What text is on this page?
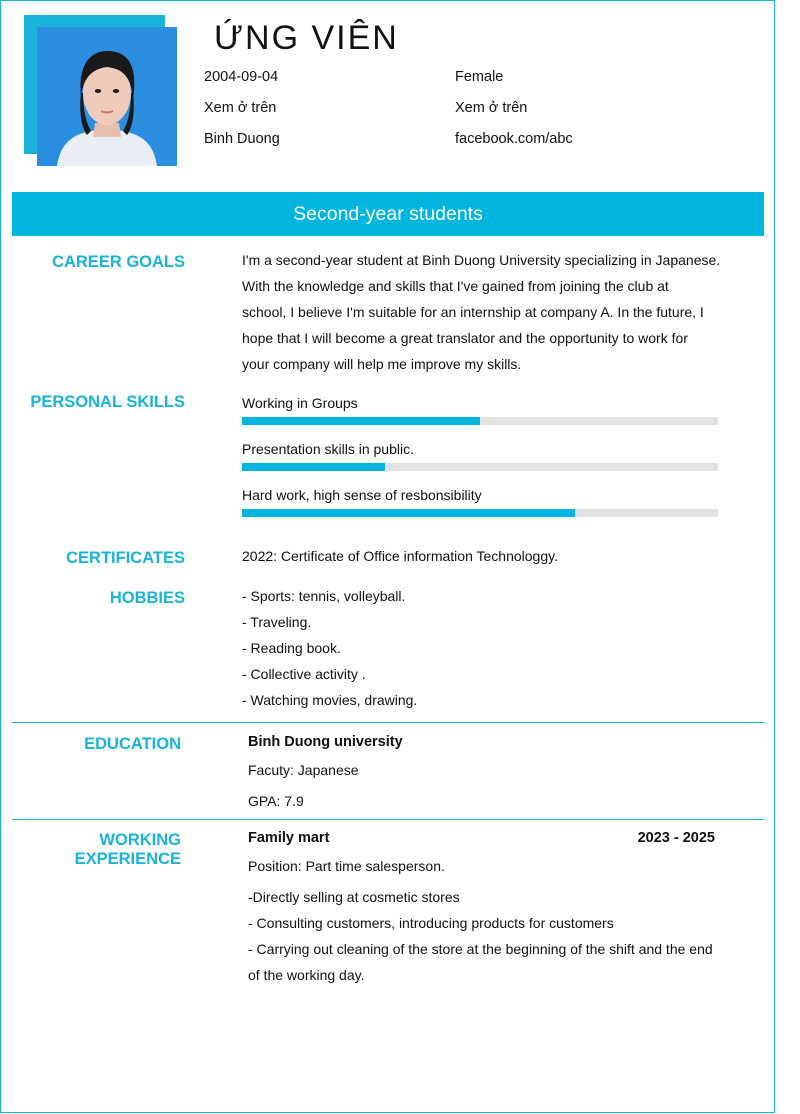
ỨNG VIÊN
2004-09-04	Female
Xem ở trên	Xem ở trên
Binh Duong	facebook.com/abc
Second-year students
CAREER GOALS	I'm a second-year student at Binh Duong University specializing in Japanese.
With the knowledge and skills that I've gained from joining the club at
school, I believe I'm suitable for an internship at company A. In the future, I
hope that I will become a great translator and the opportunity to work for
your company will help me improve my skills.
PERSONAL SKILLS	Working in Groups
Presentation skills in public.
Hard work, high sense of resbonsibility
CERTIFICATES	2022: Certificate of Office information Technologgy.
HOBBIES	- Sports: tennis, volleyball.
- Traveling.
- Reading book.
- Collective activity .
- Watching movies, drawing.
EDUCATION	Binh Duong university
Facuty: Japanese
GPA: 7.9
WORKING EXPERIENCE
Family mart	2023 - 2025
Position: Part time salesperson.
-Directly selling at cosmetic stores
- Consulting customers, introducing products for customers
- Carrying out cleaning of the store at the beginning of the shift and the end
of the working day.
